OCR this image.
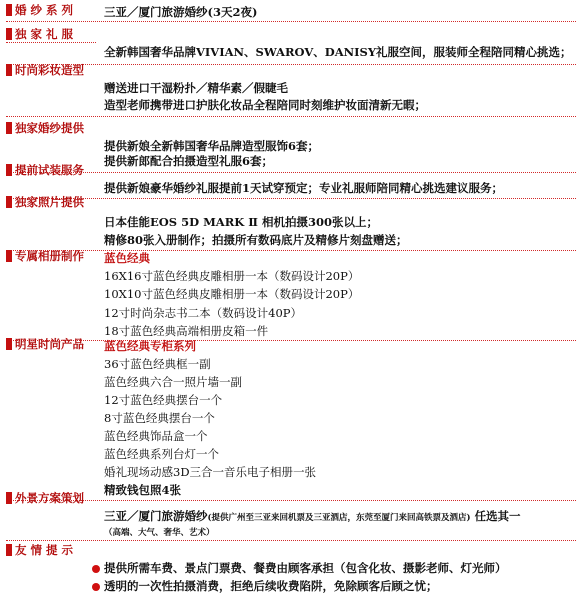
婚 纱 系 列	三亚／厦门旅游婚纱(3天2夜)
独 家 礼 服
全新韩国奢华品牌VIVIAN、SWAROV、DANISY礼服空间，服装师全程陪同精心挑选；
时尚彩妆造型
赠送进口干湿粉扑／精华素／假睫毛
造型老师携带进口护肤化妆品全程陪同时刻维护妆面清新无暇；
独家婚纱提供
提供新娘全新韩国奢华品牌造型服饰6套；
提供新郎配合拍摄造型礼服6套；
提前试装服务
提供新娘豪华婚纱礼服提前1天试穿预定；专业礼服师陪同精心挑选建议服务；
独家照片提供
日本佳能EOS 5D MARK Ⅱ 相机拍摄300张以上；
精修80张入册制作；拍摄所有数码底片及精修片刻盘赠送；
专属相册制作 蓝色经典
16X16寸蓝色经典皮雕相册一本（数码设计20P）
10X10寸蓝色经典皮雕相册一本（数码设计20P）
12寸时尚杂志书二本（数码设计40P）
18寸蓝色经典高端相册皮箱一件
明星时尚产品 蓝色经典专柜系列
36寸蓝色经典框一副
蓝色经典六合一照片墙一副
12寸蓝色经典摆台一个
8寸蓝色经典摆台一个
蓝色经典饰品盒一个
蓝色经典系列台灯一个
婚礼现场动感3D三合一音乐电子相册一张
精致钱包照4张
外景方案策划
三亚／厦门旅游婚纱(提供广州至三亚来回机票及三亚酒店，东莞至厦门来回高铁票及酒店) 任选其一
（高端、大气、奢华、艺术）
友 情 提 示
提供所需车费、景点门票费、餐费由顾客承担（包含化妆、摄影老师、灯光师）
透明的一次性拍摄消费，拒绝后续收费陷阱，免除顾客后顾之忧；
